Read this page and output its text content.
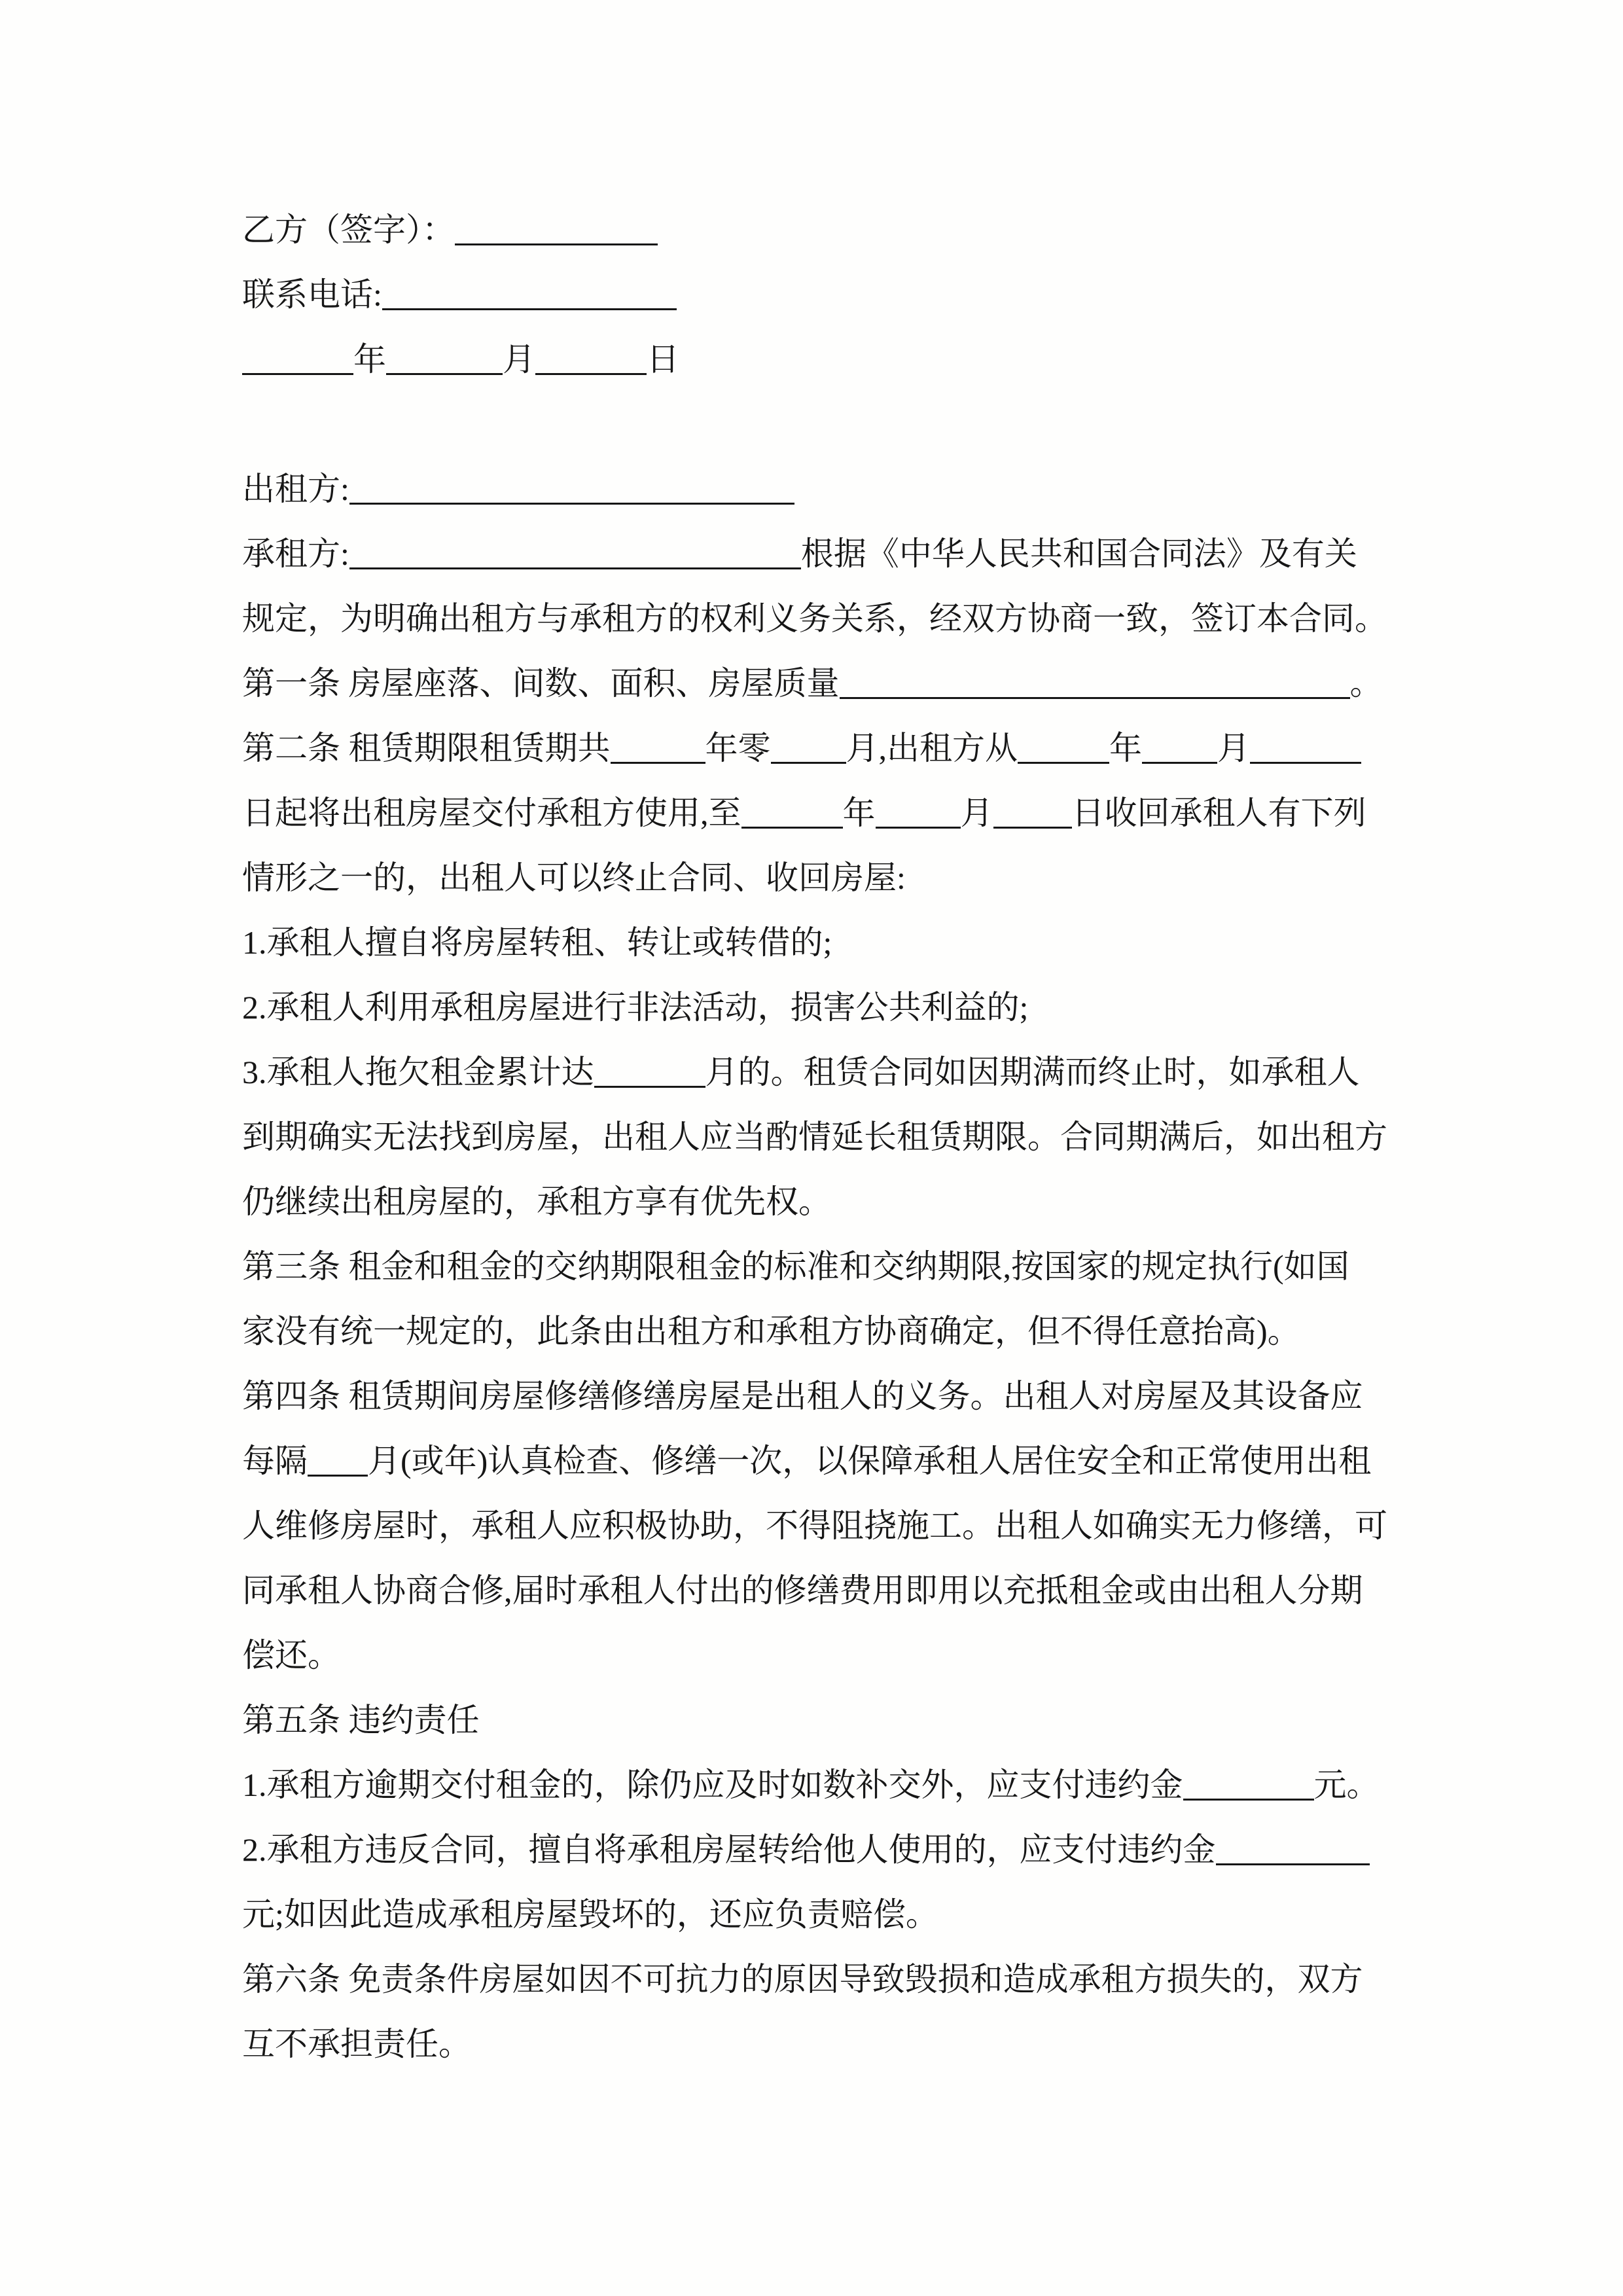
乙方（签字）：
联系电话:
年	月	日

出租方:
承租方:	根据《中华人民共和国合同法》及有关
规定，为明确出租方与承租方的权利义务关系，经双方协商一致，签订本合同。
第一条 房屋座落、间数、面积、房屋质量	。
第二条 租赁期限租赁期共	年零 月,出租方从	年 月
日起将出租房屋交付承租方使用,至	年	月 日收回承租人有下列
情形之一的，出租人可以终止合同、收回房屋:
1.承租人擅自将房屋转租、转让或转借的;
2.承租人利用承租房屋进行非法活动，损害公共利益的;
3.承租人拖欠租金累计达	月的。租赁合同如因期满而终止时，如承租人
到期确实无法找到房屋，出租人应当酌情延长租赁期限。合同期满后，如出租方
仍继续出租房屋的，承租方享有优先权。
第三条 租金和租金的交纳期限租金的标准和交纳期限,按国家的规定执行(如国
家没有统一规定的，此条由出租方和承租方协商确定，但不得任意抬高)。
第四条 租赁期间房屋修缮修缮房屋是出租人的义务。出租人对房屋及其设备应
每隔 月(或年)认真检查、修缮一次，以保障承租人居住安全和正常使用出租
人维修房屋时，承租人应积极协助，不得阻挠施工。出租人如确实无力修缮，可
同承租人协商合修,届时承租人付出的修缮费用即用以充抵租金或由出租人分期
偿还。
第五条 违约责任
1.承租方逾期交付租金的，除仍应及时如数补交外，应支付违约金	元。
2.承租方违反合同，擅自将承租房屋转给他人使用的，应支付违约金
元;如因此造成承租房屋毁坏的，还应负责赔偿。
第六条 免责条件房屋如因不可抗力的原因导致毁损和造成承租方损失的，双方
互不承担责任。
